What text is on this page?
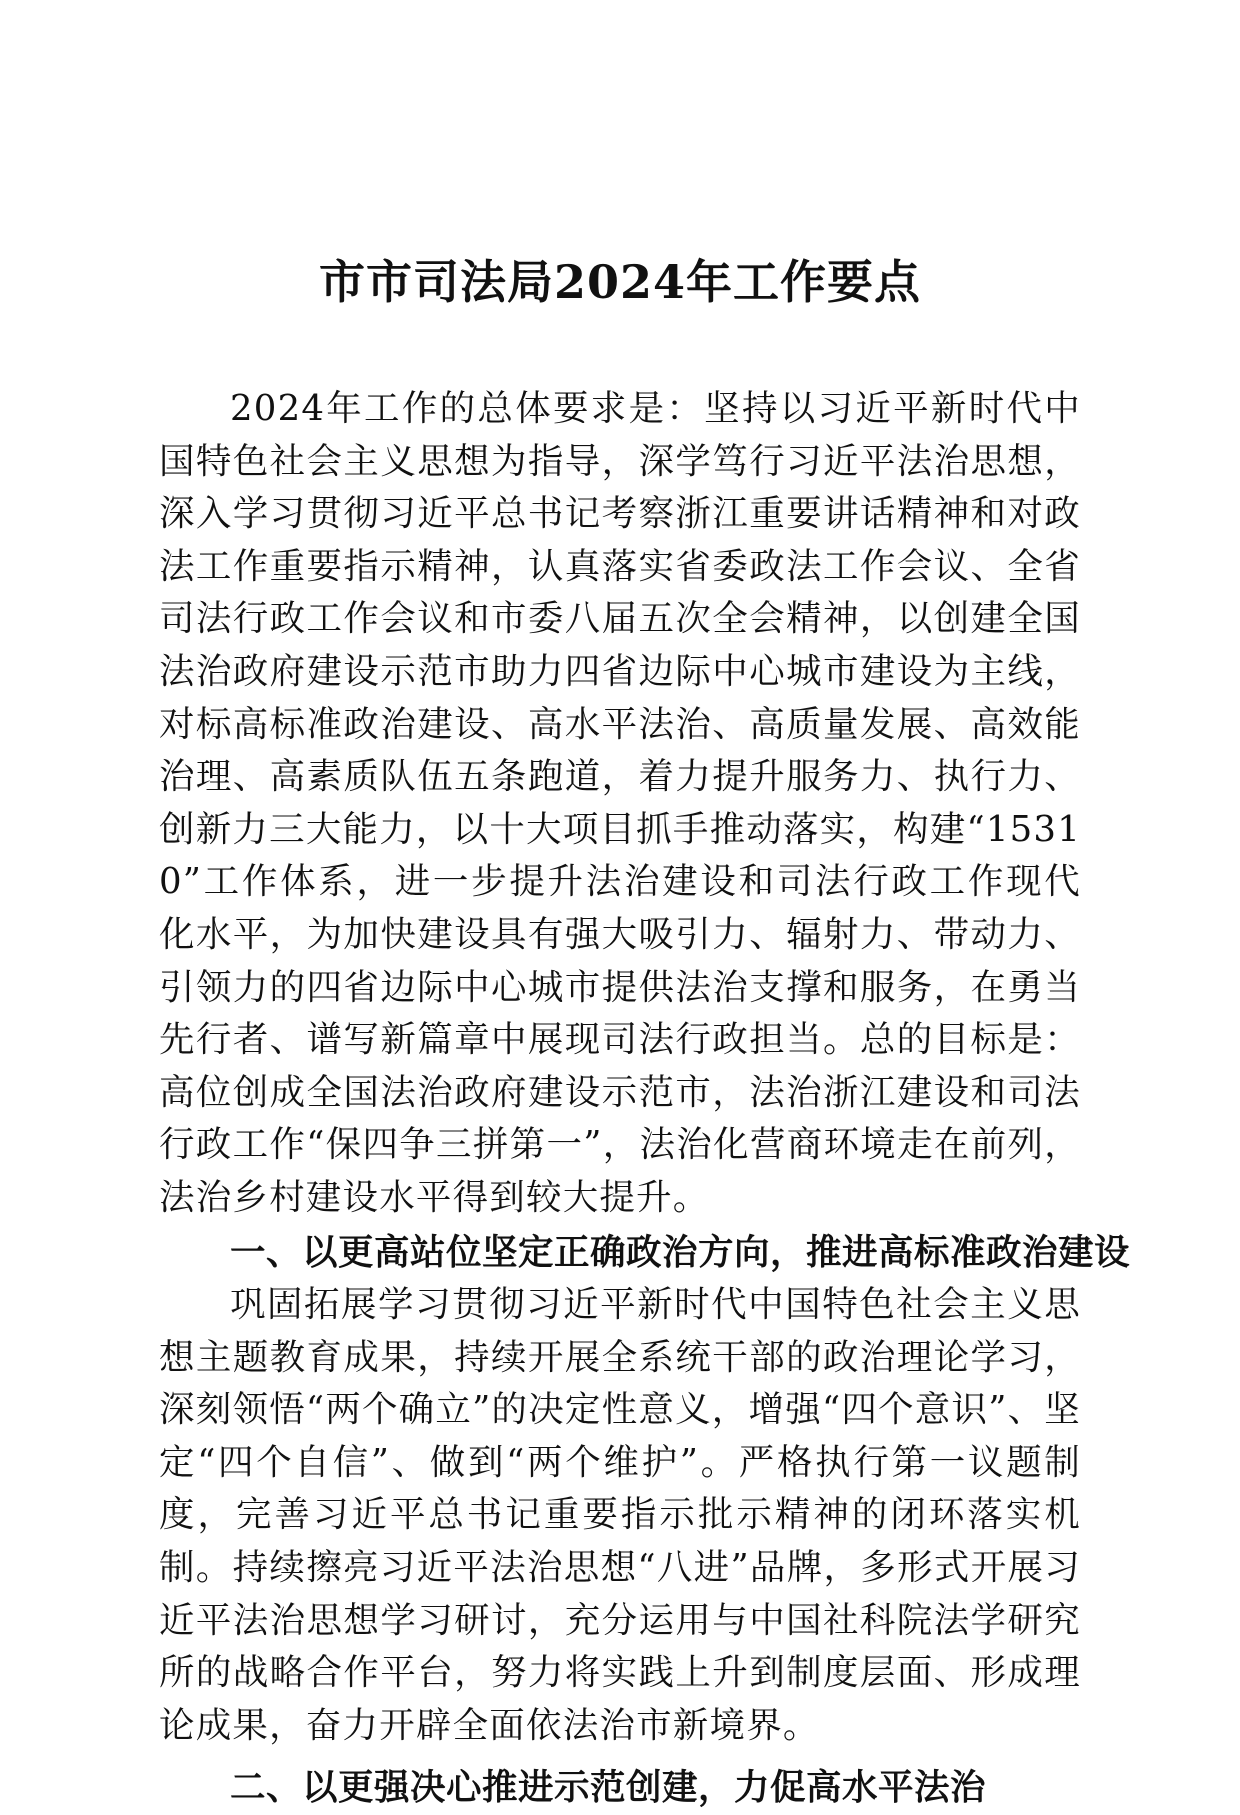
市市司法局2024年工作要点

2024年工作的总体要求是：坚持以习近平新时代中国特色社会主义思想为指导，深学笃行习近平法治思想，深入学习贯彻习近平总书记考察浙江重要讲话精神和对政法工作重要指示精神，认真落实省委政法工作会议、全省司法行政工作会议和市委八届五次全会精神，以创建全国法治政府建设示范市助力四省边际中心城市建设为主线，对标高标准政治建设、高水平法治、高质量发展、高效能治理、高素质队伍五条跑道，着力提升服务力、执行力、创新力三大能力，以十大项目抓手推动落实，构建“15310”工作体系，进一步提升法治建设和司法行政工作现代化水平，为加快建设具有强大吸引力、辐射力、带动力、引领力的四省边际中心城市提供法治支撑和服务，在勇当先行者、谱写新篇章中展现司法行政担当。总的目标是：高位创成全国法治政府建设示范市，法治浙江建设和司法行政工作“保四争三拼第一”，法治化营商环境走在前列，法治乡村建设水平得到较大提升。

一、以更高站位坚定正确政治方向，推进高标准政治建设

巩固拓展学习贯彻习近平新时代中国特色社会主义思想主题教育成果，持续开展全系统干部的政治理论学习，深刻领悟“两个确立”的决定性意义，增强“四个意识”、坚定“四个自信”、做到“两个维护”。严格执行第一议题制度，完善习近平总书记重要指示批示精神的闭环落实机制。持续擦亮习近平法治思想“八进”品牌，多形式开展习近平法治思想学习研讨，充分运用与中国社科院法学研究所的战略合作平台，努力将实践上升到制度层面、形成理论成果，奋力开辟全面依法治市新境界。

二、以更强决心推进示范创建，力促高水平法治
